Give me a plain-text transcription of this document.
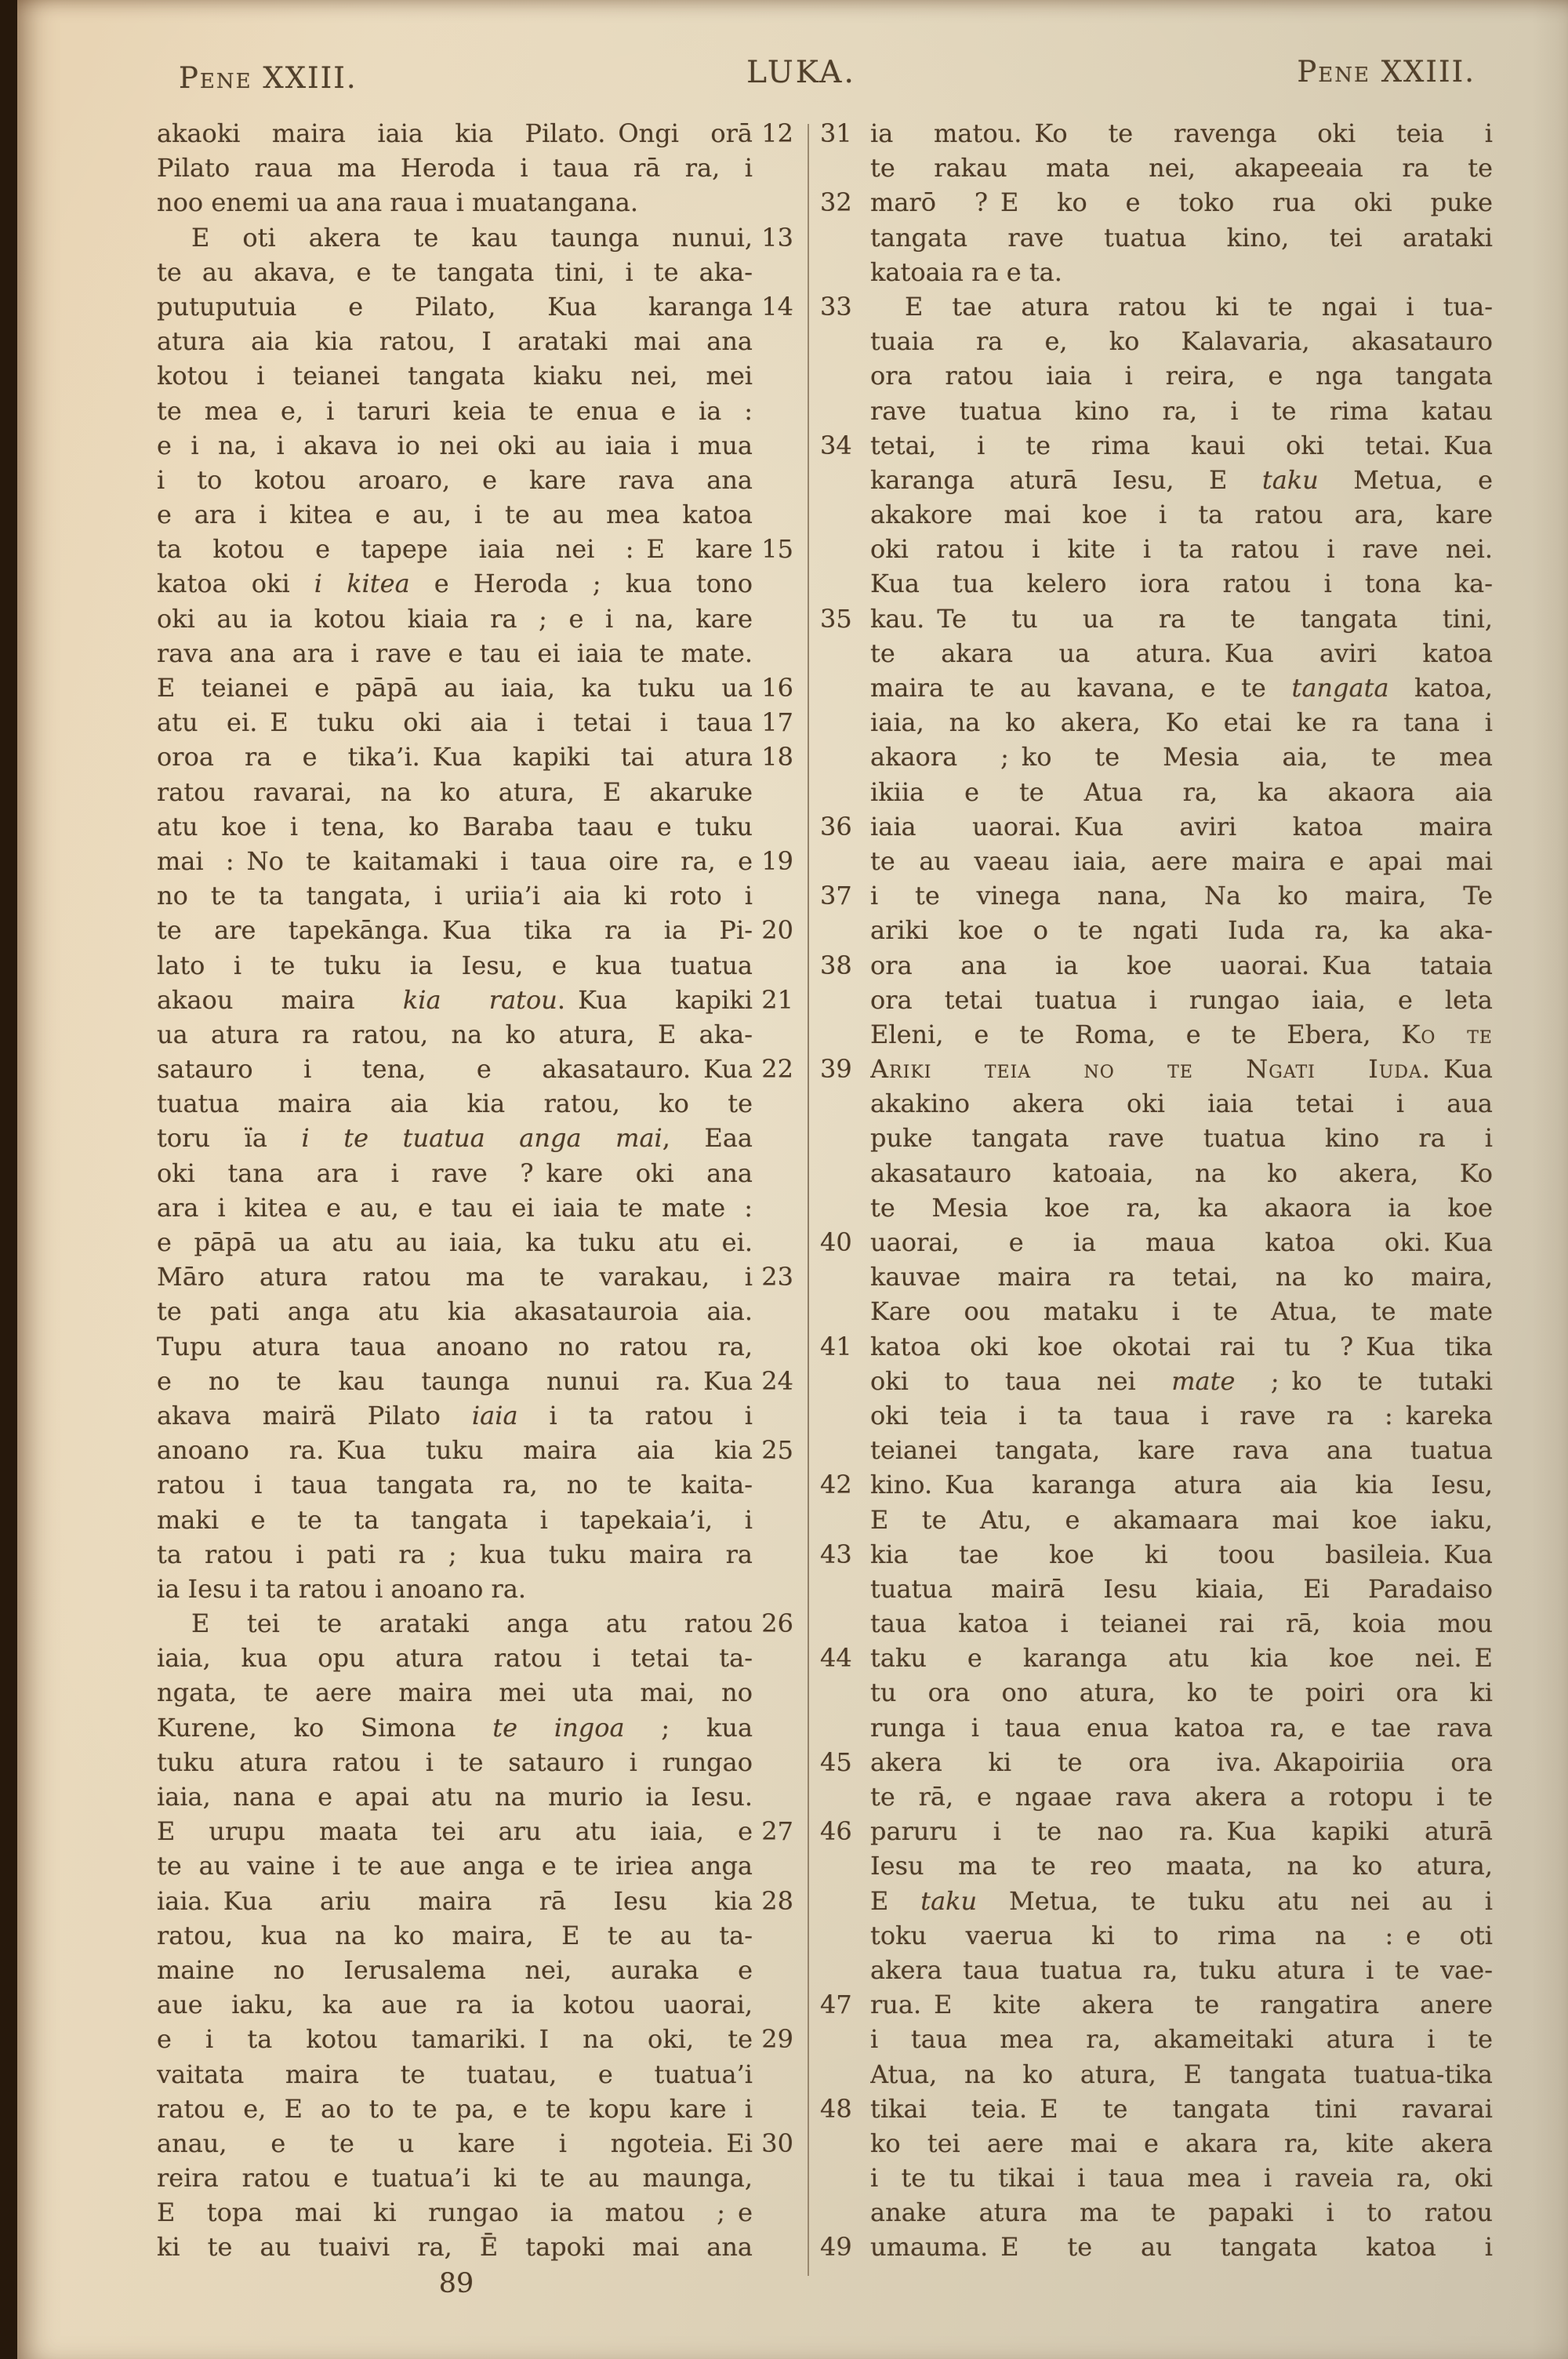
Pene XXIII.	LUKA.	Pene XXIII.
akaoki maira iaia kia Pilato. Ongi orā 12
Pilato raua ma Heroda i taua rā ra, i
noo enemi ua ana raua i muatangana.
E oti akera te kau taunga nunui, 13
te au akava, e te tangata tini, i te aka-
putuputuia e Pilato, Kua karanga 14
atura aia kia ratou, I arataki mai ana
kotou i teianei tangata kiaku nei, mei
te mea e, i taruri keia te enua e ia :
e i na, i akava io nei oki au iaia i mua
i to kotou aroaro, e kare rava ana
e ara i kitea e au, i te au mea katoa
ta kotou e tapepe iaia nei : E kare 15
katoa oki i kitea e Heroda ; kua tono
oki au ia kotou kiaia ra ; e i na, kare
rava ana ara i rave e tau ei iaia te mate.
E teianei e pāpā au iaia, ka tuku ua 16
atu ei. E tuku oki aia i tetai i taua 17
oroa ra e tika’i. Kua kapiki tai atura 18
ratou ravarai, na ko atura, E akaruke
atu koe i tena, ko Baraba taau e tuku
mai : No te kaitamaki i taua oire ra, e 19
no te ta tangata, i uriia’i aia ki roto i
te are tapekānga. Kua tika ra ia Pi- 20
lato i te tuku ia Iesu, e kua tuatua
akaou maira kia ratou. Kua kapiki 21
ua atura ra ratou, na ko atura, E aka-
satauro i tena, e akasatauro. Kua 22
tuatua maira aia kia ratou, ko te
toru ïa i te tuatua anga mai, Eaa
oki tana ara i rave ? kare oki ana
ara i kitea e au, e tau ei iaia te mate :
e pāpā ua atu au iaia, ka tuku atu ei.
Māro atura ratou ma te varakau, i 23
te pati anga atu kia akasatauroia aia.
Tupu atura taua anoano no ratou ra,
e no te kau taunga nunui ra. Kua 24
akava mairä Pilato iaia i ta ratou i
anoano ra. Kua tuku maira aia kia 25
ratou i taua tangata ra, no te kaita-
maki e te ta tangata i tapekaia’i, i
ta ratou i pati ra ; kua tuku maira ra
ia Iesu i ta ratou i anoano ra.
E tei te arataki anga atu ratou 26
iaia, kua opu atura ratou i tetai ta-
ngata, te aere maira mei uta mai, no
Kurene, ko Simona te ingoa ; kua
tuku atura ratou i te satauro i rungao
iaia, nana e apai atu na murio ia Iesu.
E urupu maata tei aru atu iaia, e 27
te au vaine i te aue anga e te iriea anga
iaia. Kua ariu maira rā Iesu kia 28
ratou, kua na ko maira, E te au ta-
maine no Ierusalema nei, auraka e
aue iaku, ka aue ra ia kotou uaorai,
e i ta kotou tamariki. I na oki, te 29
vaitata maira te tuatau, e tuatua’i
ratou e, E ao to te pa, e te kopu kare i
anau, e te u kare i ngoteia. Ei 30
reira ratou e tuatua’i ki te au maunga,
E topa mai ki rungao ia matou ; e
ki te au tuaivi ra, Ē tapoki mai ana
31 ia matou. Ko te ravenga oki teia i
te rakau mata nei, akapeeaia ra te
32 marō ? E ko e toko rua oki puke
tangata rave tuatua kino, tei arataki
katoaia ra e ta.
33	E tae atura ratou ki te ngai i tua-
tuaia ra e, ko Kalavaria, akasatauro
ora ratou iaia i reira, e nga tangata
rave tuatua kino ra, i te rima katau
34 tetai, i te rima kaui oki tetai. Kua
karanga aturā Iesu, E taku Metua, e
akakore mai koe i ta ratou ara, kare
oki ratou i kite i ta ratou i rave nei.
Kua tua kelero iora ratou i tona ka-
35 kau. Te tu ua ra te tangata tini,
te akara ua atura. Kua aviri katoa
maira te au kavana, e te tangata katoa,
iaia, na ko akera, Ko etai ke ra tana i
akaora ; ko te Mesia aia, te mea
ikiia e te Atua ra, ka akaora aia
36 iaia uaorai. Kua aviri katoa maira
te au vaeau iaia, aere maira e apai mai
37 i te vinega nana, Na ko maira, Te
ariki koe o te ngati Iuda ra, ka aka-
38 ora ana ia koe uaorai. Kua tataia
ora tetai tuatua i rungao iaia, e leta
Eleni, e te Roma, e te Ebera, Ko te
39 Ariki teia no te Ngati Iuda. Kua
akakino akera oki iaia tetai i aua
puke tangata rave tuatua kino ra i
akasatauro katoaia, na ko akera, Ko
te Mesia koe ra, ka akaora ia koe
40 uaorai, e ia maua katoa oki. Kua
kauvae maira ra tetai, na ko maira,
Kare oou mataku i te Atua, te mate
41 katoa oki koe okotai rai tu ? Kua tika
oki to taua nei mate ; ko te tutaki
oki teia i ta taua i rave ra : kareka
teianei tangata, kare rava ana tuatua
42 kino. Kua karanga atura aia kia Iesu,
E te Atu, e akamaara mai koe iaku,
43 kia tae koe ki toou basileia. Kua
tuatua mairā Iesu kiaia, Ei Paradaiso
taua katoa i teianei rai rā, koia mou
44 taku e karanga atu kia koe nei. E
tu ora ono atura, ko te poiri ora ki
runga i taua enua katoa ra, e tae rava
45 akera ki te ora iva. Akapoiriia ora
te rā, e ngaae rava akera a rotopu i te
46 paruru i te nao ra. Kua kapiki aturā
Iesu ma te reo maata, na ko atura,
E taku Metua, te tuku atu nei au i
toku vaerua ki to rima na : e oti
akera taua tuatua ra, tuku atura i te vae-
47 rua. E kite akera te rangatira anere
i taua mea ra, akameitaki atura i te
Atua, na ko atura, E tangata tuatua-tika
48 tikai teia. E te tangata tini ravarai
ko tei aere mai e akara ra, kite akera
i te tu tikai i taua mea i raveia ra, oki
anake atura ma te papaki i to ratou
49 umauma. E te au tangata katoa i
89
